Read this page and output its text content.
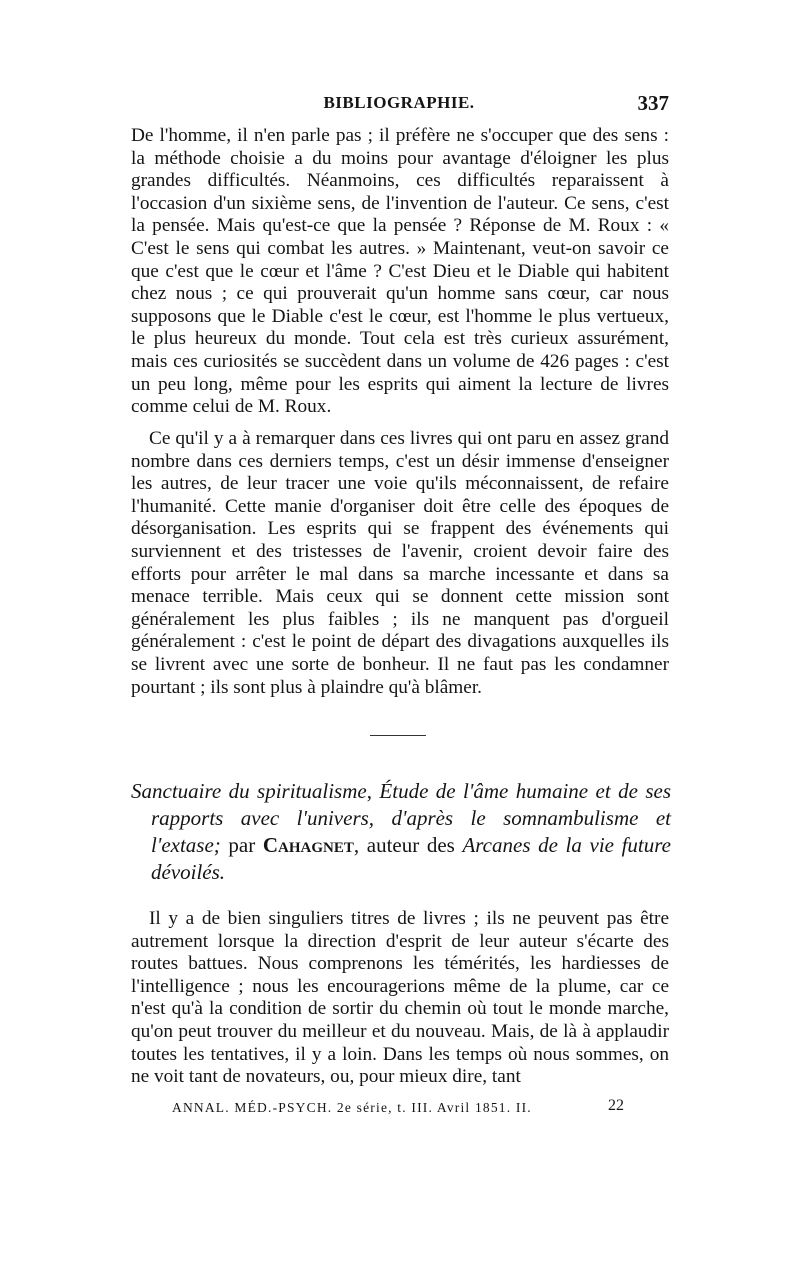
BIBLIOGRAPHIE.	337

De l'homme, il n'en parle pas ; il préfère ne s'occuper que des sens : la méthode choisie a du moins pour avantage d'éloigner les plus grandes difficultés. Néanmoins, ces difficultés reparaissent à l'occasion d'un sixième sens, de l'invention de l'auteur. Ce sens, c'est la pensée. Mais qu'est-ce que la pensée ? Réponse de M. Roux : « C'est le sens qui combat les autres. » Maintenant, veut-on savoir ce que c'est que le cœur et l'âme ? C'est Dieu et le Diable qui habitent chez nous ; ce qui prouverait qu'un homme sans cœur, car nous supposons que le Diable c'est le cœur, est l'homme le plus vertueux, le plus heureux du monde. Tout cela est très curieux assurément, mais ces curiosités se succèdent dans un volume de 426 pages : c'est un peu long, même pour les esprits qui aiment la lecture de livres comme celui de M. Roux.

Ce qu'il y a à remarquer dans ces livres qui ont paru en assez grand nombre dans ces derniers temps, c'est un désir immense d'enseigner les autres, de leur tracer une voie qu'ils méconnaissent, de refaire l'humanité. Cette manie d'organiser doit être celle des époques de désorganisation. Les esprits qui se frappent des événements qui surviennent et des tristesses de l'avenir, croient devoir faire des efforts pour arrêter le mal dans sa marche incessante et dans sa menace terrible. Mais ceux qui se donnent cette mission sont généralement les plus faibles ; ils ne manquent pas d'orgueil généralement : c'est le point de départ des divagations auxquelles ils se livrent avec une sorte de bonheur. Il ne faut pas les condamner pourtant ; ils sont plus à plaindre qu'à blâmer.

Sanctuaire du spiritualisme, Étude de l'âme humaine et de ses rapports avec l'univers, d'après le somnambulisme et l'extase; par Cahagnet, auteur des Arcanes de la vie future dévoilés.

Il y a de bien singuliers titres de livres ; ils ne peuvent pas être autrement lorsque la direction d'esprit de leur auteur s'écarte des routes battues. Nous comprenons les témérités, les hardiesses de l'intelligence ; nous les encouragerions même de la plume, car ce n'est qu'à la condition de sortir du chemin où tout le monde marche, qu'on peut trouver du meilleur et du nouveau. Mais, de là à applaudir toutes les tentatives, il y a loin. Dans les temps où nous sommes, on ne voit tant de novateurs, ou, pour mieux dire, tant

ANNAL. MÉD.-PSYCH. 2e série, t. III. Avril 1851. II.	22
